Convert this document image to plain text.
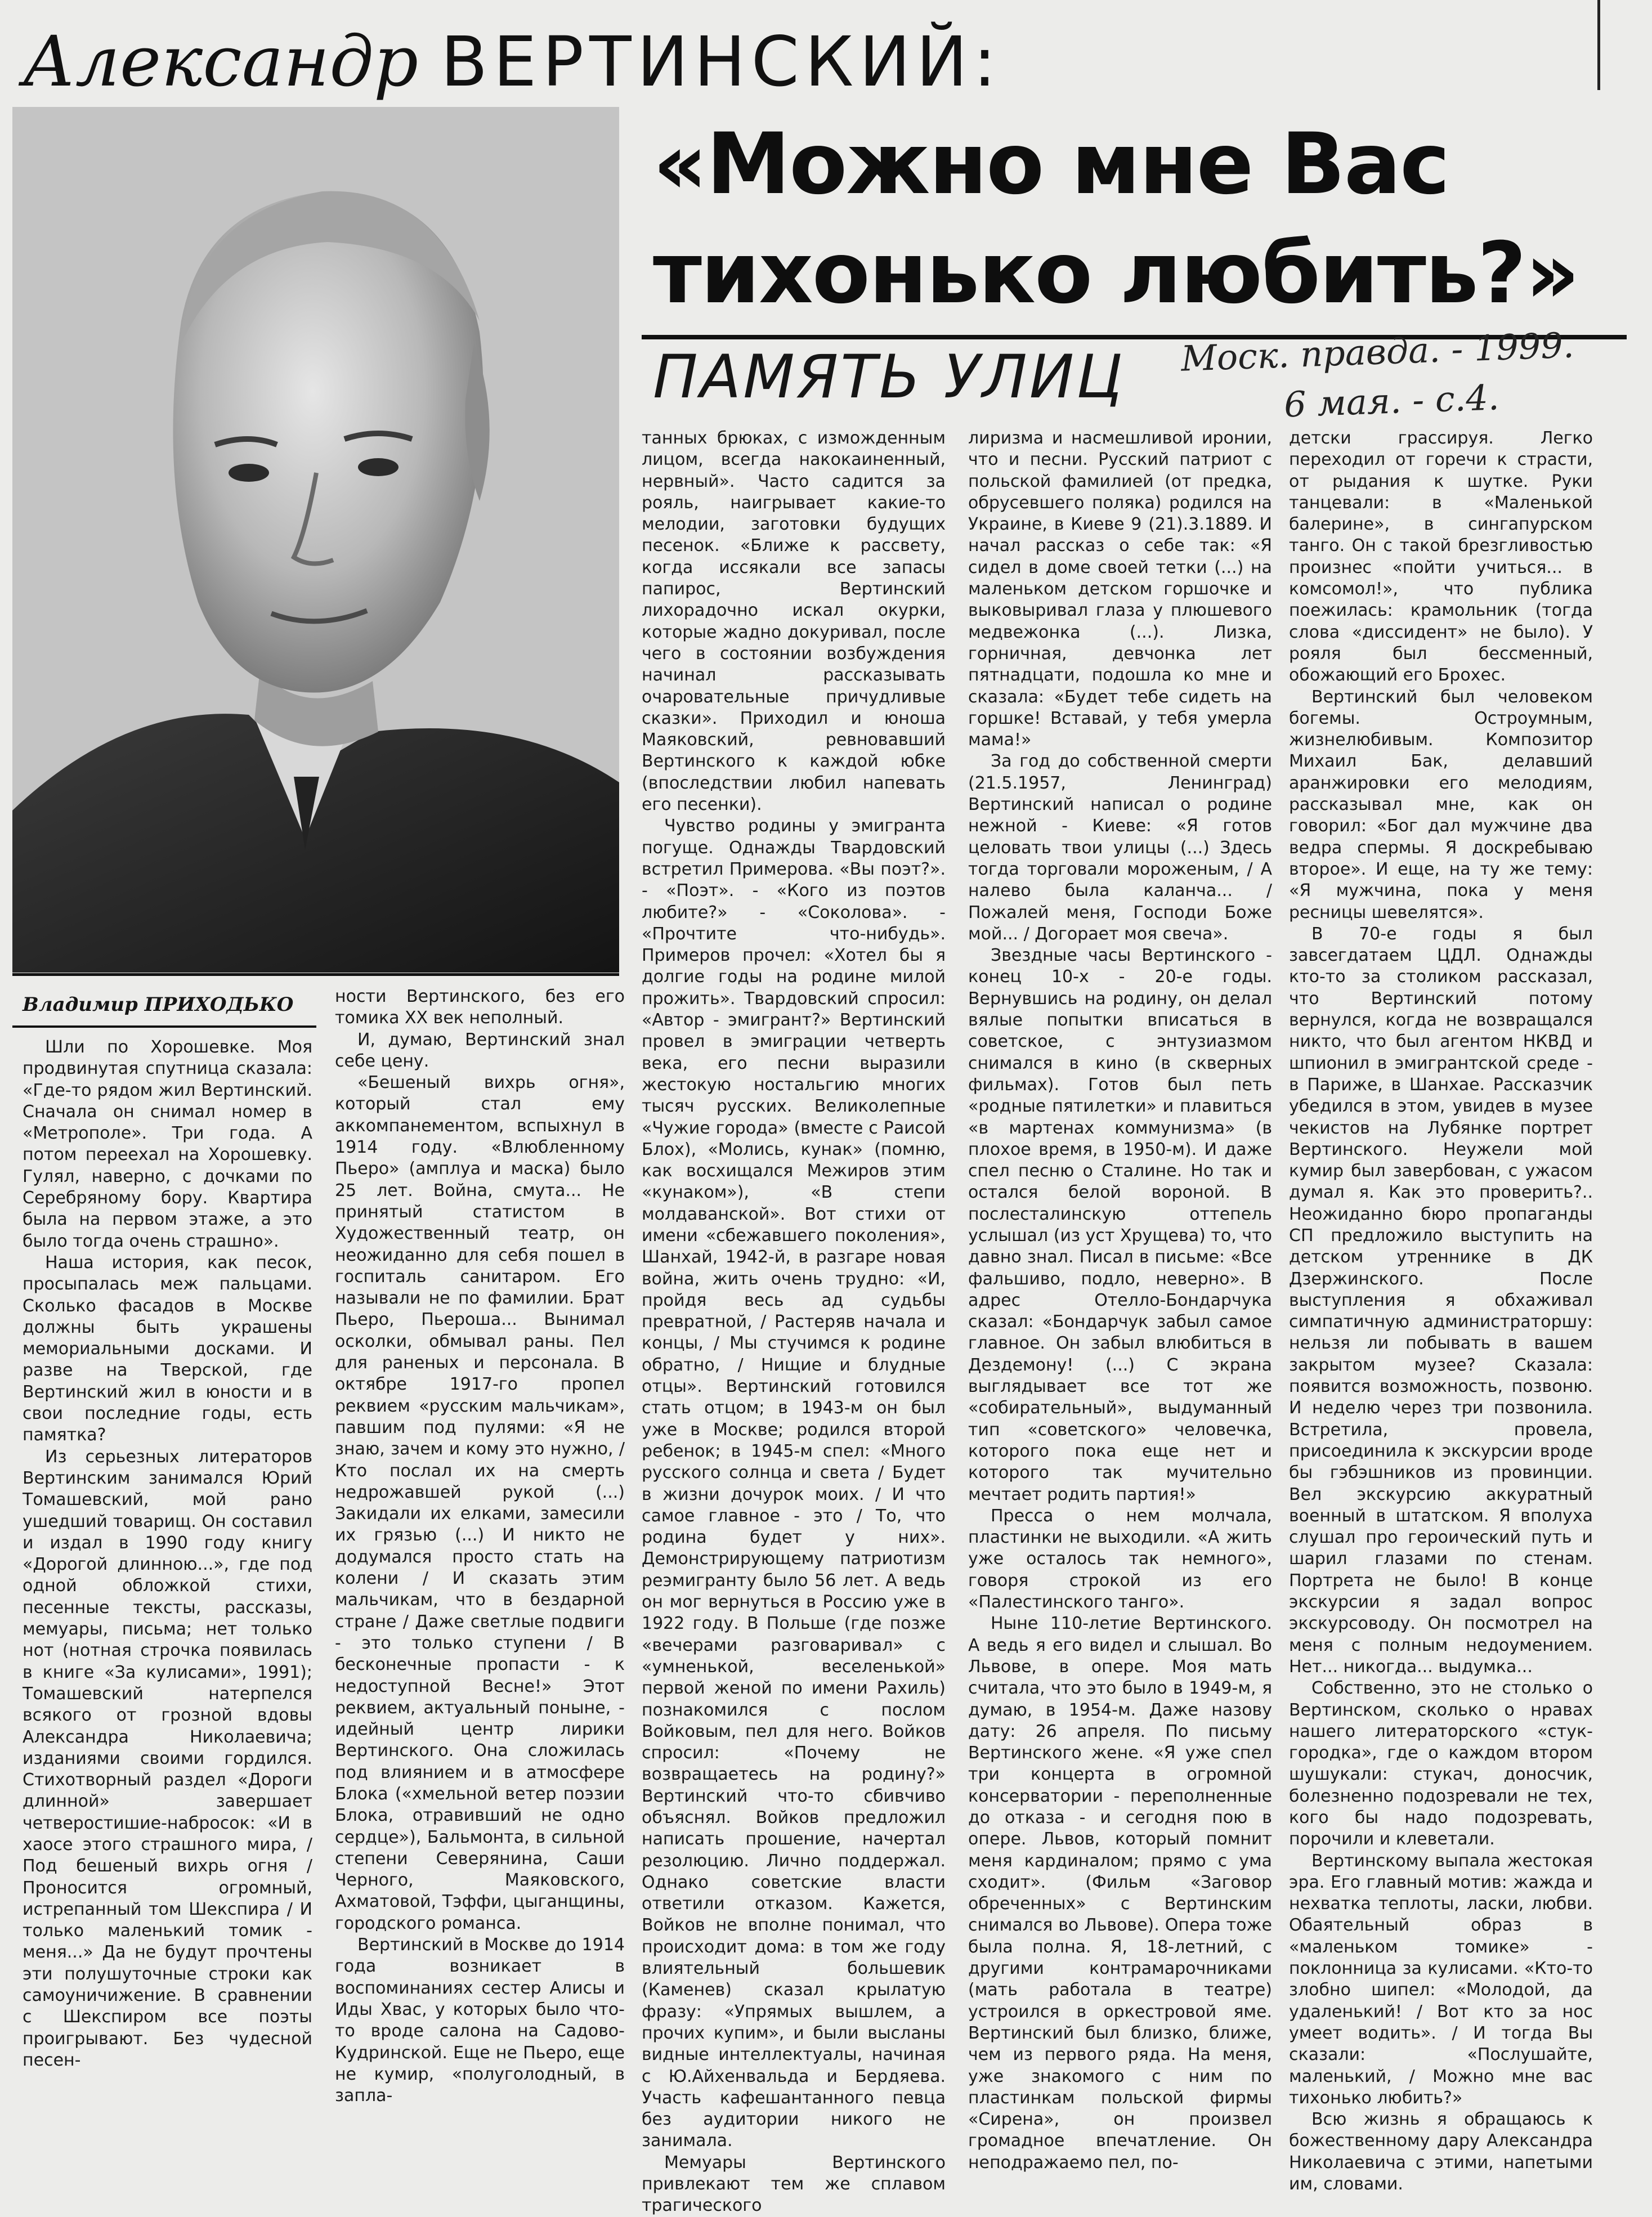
Александр ВЕРТИНСКИЙ:
«Можно мне Вас
тихонько любить?»
ПАМЯТЬ УЛИЦ	Моск. правда. - 1999.
6 мая. - с.4.
Владимир ПРИХОДЬКО

Шли по Хорошевке. Моя продвинутая спутница сказала: «Где-то рядом жил Вертинский. Сначала он снимал номер в «Метрополе». Три года. А потом переехал на Хорошевку. Гулял, наверно, с дочками по Серебряному бору. Квартира была на первом этаже, а это было тогда очень страшно».

Наша история, как песок, просыпалась меж пальцами. Сколько фасадов в Москве должны быть украшены мемориальными досками. И разве на Тверской, где Вертинский жил в юности и в свои последние годы, есть памятка?

Из серьезных литераторов Вертинским занимался Юрий Томашевский, мой рано ушедший товарищ. Он составил и издал в 1990 году книгу «Дорогой длинною...», где под одной обложкой стихи, песенные тексты, рассказы, мемуары, письма; нет только нот (нотная строчка появилась в книге «За кулисами», 1991); Томашевский натерпелся всякого от грозной вдовы Александра Николаевича; изданиями своими гордился. Стихотворный раздел «Дороги длинной» завершает четверостишие-набросок: «И в хаосе этого страшного мира, / Под бешеный вихрь огня / Проносится огромный, истрепанный том Шекспира / И только маленький томик - меня...» Да не будут прочтены эти полушуточные строки как самоуничижение. В сравнении с Шекспиром все поэты проигрывают. Без чудесной песен-

ности Вертинского, без его томика XX век неполный.

И, думаю, Вертинский знал себе цену.

«Бешеный вихрь огня», который стал ему аккомпанементом, вспыхнул в 1914 году. «Влюбленному Пьеро» (амплуа и маска) было 25 лет. Война, смута... Не принятый статистом в Художественный театр, он неожиданно для себя пошел в госпиталь санитаром. Его называли не по фамилии. Брат Пьеро, Пьероша... Вынимал осколки, обмывал раны. Пел для раненых и персонала. В октябре 1917-го пропел реквием «русским мальчикам», павшим под пулями: «Я не знаю, зачем и кому это нужно, / Кто послал их на смерть недрожавшей рукой (...) Закидали их елками, замесили их грязью (...) И никто не додумался просто стать на колени / И сказать этим мальчикам, что в бездарной стране / Даже светлые подвиги - это только ступени / В бесконечные пропасти - к недоступной Весне!» Этот реквием, актуальный поныне, - идейный центр лирики Вертинского. Она сложилась под влиянием и в атмосфере Блока («хмельной ветер поэзии Блока, отравивший не одно сердце»), Бальмонта, в сильной степени Северянина, Саши Черного, Маяковского, Ахматовой, Тэффи, цыганщины, городского романса.

Вертинский в Москве до 1914 года возникает в воспоминаниях сестер Алисы и Иды Хвас, у которых было что-то вроде салона на Садово-Кудринской. Еще не Пьеро, еще не кумир, «полуголодный, в запла-

танных брюках, с изможденным лицом, всегда накокаиненный, нервный». Часто садится за рояль, наигрывает какие-то мелодии, заготовки будущих песенок. «Ближе к рассвету, когда иссякали все запасы папирос, Вертинский лихорадочно искал окурки, которые жадно докуривал, после чего в состоянии возбуждения начинал рассказывать очаровательные причудливые сказки». Приходил и юноша Маяковский, ревновавший Вертинского к каждой юбке (впоследствии любил напевать его песенки).

Чувство родины у эмигранта погуще. Однажды Твардовский встретил Примерова. «Вы поэт?». - «Поэт». - «Кого из поэтов любите?» - «Соколова». - «Прочтите что-нибудь». Примеров прочел: «Хотел бы я долгие годы на родине милой прожить». Твардовский спросил: «Автор - эмигрант?» Вертинский провел в эмиграции четверть века, его песни выразили жестокую ностальгию многих тысяч русских. Великолепные «Чужие города» (вместе с Раисой Блох), «Молись, кунак» (помню, как восхищался Межиров этим «кунаком»), «В степи молдаванской». Вот стихи от имени «сбежавшего поколения», Шанхай, 1942-й, в разгаре новая война, жить очень трудно: «И, пройдя весь ад судьбы превратной, / Растеряв начала и концы, / Мы стучимся к родине обратно, / Нищие и блудные отцы». Вертинский готовился стать отцом; в 1943-м он был уже в Москве; родился второй ребенок; в 1945-м спел: «Много русского солнца и света / Будет в жизни дочурок моих. / И что самое главное - это / То, что родина будет у них». Демонстрирующему патриотизм реэмигранту было 56 лет. А ведь он мог вернуться в Россию уже в 1922 году. В Польше (где позже «вечерами разговаривал» с «умненькой, веселенькой» первой женой по имени Рахиль) познакомился с послом Войковым, пел для него. Войков спросил: «Почему не возвращаетесь на родину?» Вертинский что-то сбивчиво объяснял. Войков предложил написать прошение, начертал резолюцию. Лично поддержал. Однако советские власти ответили отказом. Кажется, Войков не вполне понимал, что происходит дома: в том же году влиятельный большевик (Каменев) сказал крылатую фразу: «Упрямых вышлем, а прочих купим», и были высланы видные интеллектуалы, начиная с Ю.Айхенвальда и Бердяева. Участь кафешантанного певца без аудитории никого не занимала.

Мемуары Вертинского привлекают тем же сплавом трагического

лиризма и насмешливой иронии, что и песни. Русский патриот с польской фамилией (от предка, обрусевшего поляка) родился на Украине, в Киеве 9 (21).3.1889. И начал рассказ о себе так: «Я сидел в доме своей тетки (...) на маленьком детском горшочке и выковыривал глаза у плюшевого медвежонка (...). Лизка, горничная, девчонка лет пятнадцати, подошла ко мне и сказала: «Будет тебе сидеть на горшке! Вставай, у тебя умерла мама!»

За год до собственной смерти (21.5.1957, Ленинград) Вертинский написал о родине нежной - Киеве: «Я готов целовать твои улицы (...) Здесь тогда торговали мороженым, / А налево была каланча... / Пожалей меня, Господи Боже мой... / Догорает моя свеча».

Звездные часы Вертинского - конец 10-х - 20-е годы. Вернувшись на родину, он делал вялые попытки вписаться в советское, с энтузиазмом снимался в кино (в скверных фильмах). Готов был петь «родные пятилетки» и плавиться «в мартенах коммунизма» (в плохое время, в 1950-м). И даже спел песню о Сталине. Но так и остался белой вороной. В послесталинскую оттепель услышал (из уст Хрущева) то, что давно знал. Писал в письме: «Все фальшиво, подло, неверно». В адрес Отелло-Бондарчука сказал: «Бондарчук забыл самое главное. Он забыл влюбиться в Дездемону! (...) С экрана выглядывает все тот же «собирательный», выдуманный тип «советского» человечка, которого пока еще нет и которого так мучительно мечтает родить партия!»

Пресса о нем молчала, пластинки не выходили. «А жить уже осталось так немного», говоря строкой из его «Палестинского танго».

Ныне 110-летие Вертинского. А ведь я его видел и слышал. Во Львове, в опере. Моя мать считала, что это было в 1949-м, я думаю, в 1954-м. Даже назову дату: 26 апреля. По письму Вертинского жене. «Я уже спел три концерта в огромной консерватории - переполненные до отказа - и сегодня пою в опере. Львов, который помнит меня кардиналом; прямо с ума сходит». (Фильм «Заговор обреченных» с Вертинским снимался во Львове). Опера тоже была полна. Я, 18-летний, с другими контрамарочниками (мать работала в театре) устроился в оркестровой яме. Вертинский был близко, ближе, чем из первого ряда. На меня, уже знакомого с ним по пластинкам польской фирмы «Сирена», он произвел громадное впечатление. Он неподражаемо пел, по-

детски грассируя. Легко переходил от горечи к страсти, от рыдания к шутке. Руки танцевали: в «Маленькой балерине», в сингапурском танго. Он с такой брезгливостью произнес «пойти учиться... в комсомол!», что публика поежилась: крамольник (тогда слова «диссидент» не было). У рояля был бессменный, обожающий его Брохес.

Вертинский был человеком богемы. Остроумным, жизнелюбивым. Композитор Михаил Бак, делавший аранжировки его мелодиям, рассказывал мне, как он говорил: «Бог дал мужчине два ведра спермы. Я доскребываю второе». И еще, на ту же тему: «Я мужчина, пока у меня ресницы шевелятся».

В 70-е годы я был завсегдатаем ЦДЛ. Однажды кто-то за столиком рассказал, что Вертинский потому вернулся, когда не возвращался никто, что был агентом НКВД и шпионил в эмигрантской среде - в Париже, в Шанхае. Рассказчик убедился в этом, увидев в музее чекистов на Лубянке портрет Вертинского. Неужели мой кумир был завербован, с ужасом думал я. Как это проверить?.. Неожиданно бюро пропаганды СП предложило выступить на детском утреннике в ДК Дзержинского. После выступления я обхаживал симпатичную администраторшу: нельзя ли побывать в вашем закрытом музее? Сказала: появится возможность, позвоню. И неделю через три позвонила. Встретила, провела, присоединила к экскурсии вроде бы гэбэшников из провинции. Вел экскурсию аккуратный военный в штатском. Я вполуха слушал про героический путь и шарил глазами по стенам. Портрета не было! В конце экскурсии я задал вопрос экскурсоводу. Он посмотрел на меня с полным недоумением. Нет... никогда... выдумка...

Собственно, это не столько о Вертинском, сколько о нравах нашего литераторского «стук-городка», где о каждом втором шушукали: стукач, доносчик, болезненно подозревали не тех, кого бы надо подозревать, порочили и клеветали.

Вертинскому выпала жестокая эра. Его главный мотив: жажда и нехватка теплоты, ласки, любви. Обаятельный образ в «маленьком томике» - поклонница за кулисами. «Кто-то злобно шипел: «Молодой, да удаленький! / Вот кто за нос умеет водить». / И тогда Вы сказали: «Послушайте, маленький, / Можно мне вас тихонько любить?»

Всю жизнь я обращаюсь к божественному дару Александра Николаевича с этими, напетыми им, словами.
